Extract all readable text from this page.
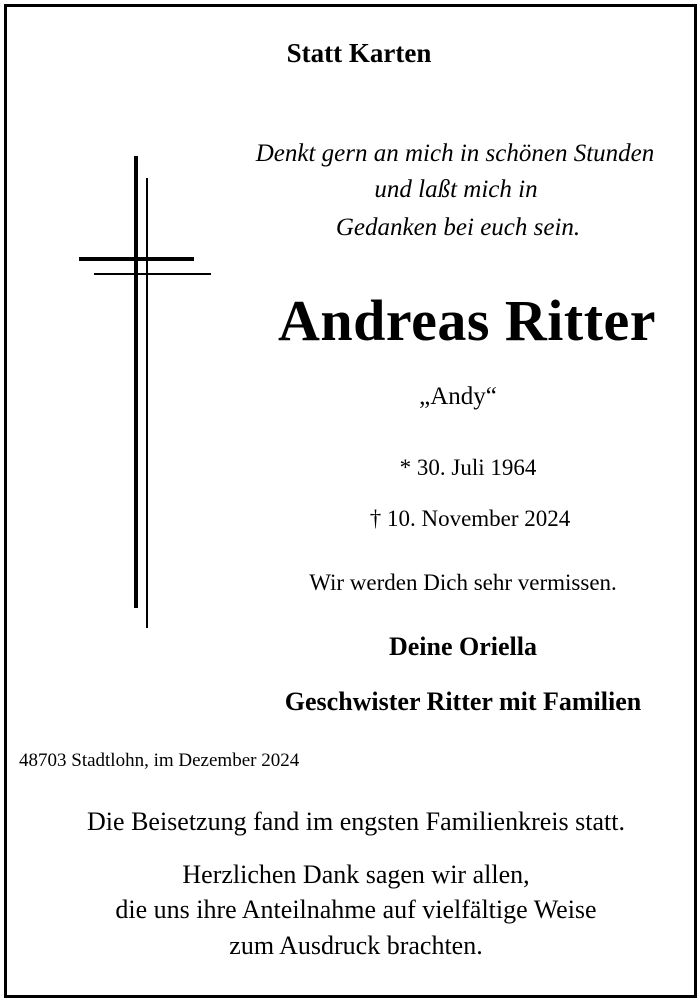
Statt Karten
Denkt gern an mich in schönen Stunden
und laßt mich in
Gedanken bei euch sein.
Andreas Ritter
„Andy“
* 30. Juli 1964
† 10. November 2024
Wir werden Dich sehr vermissen.
Deine Oriella
Geschwister Ritter mit Familien
48703 Stadtlohn, im Dezember 2024
Die Beisetzung fand im engsten Familienkreis statt.
Herzlichen Dank sagen wir allen,
die uns ihre Anteilnahme auf vielfältige Weise
zum Ausdruck brachten.
